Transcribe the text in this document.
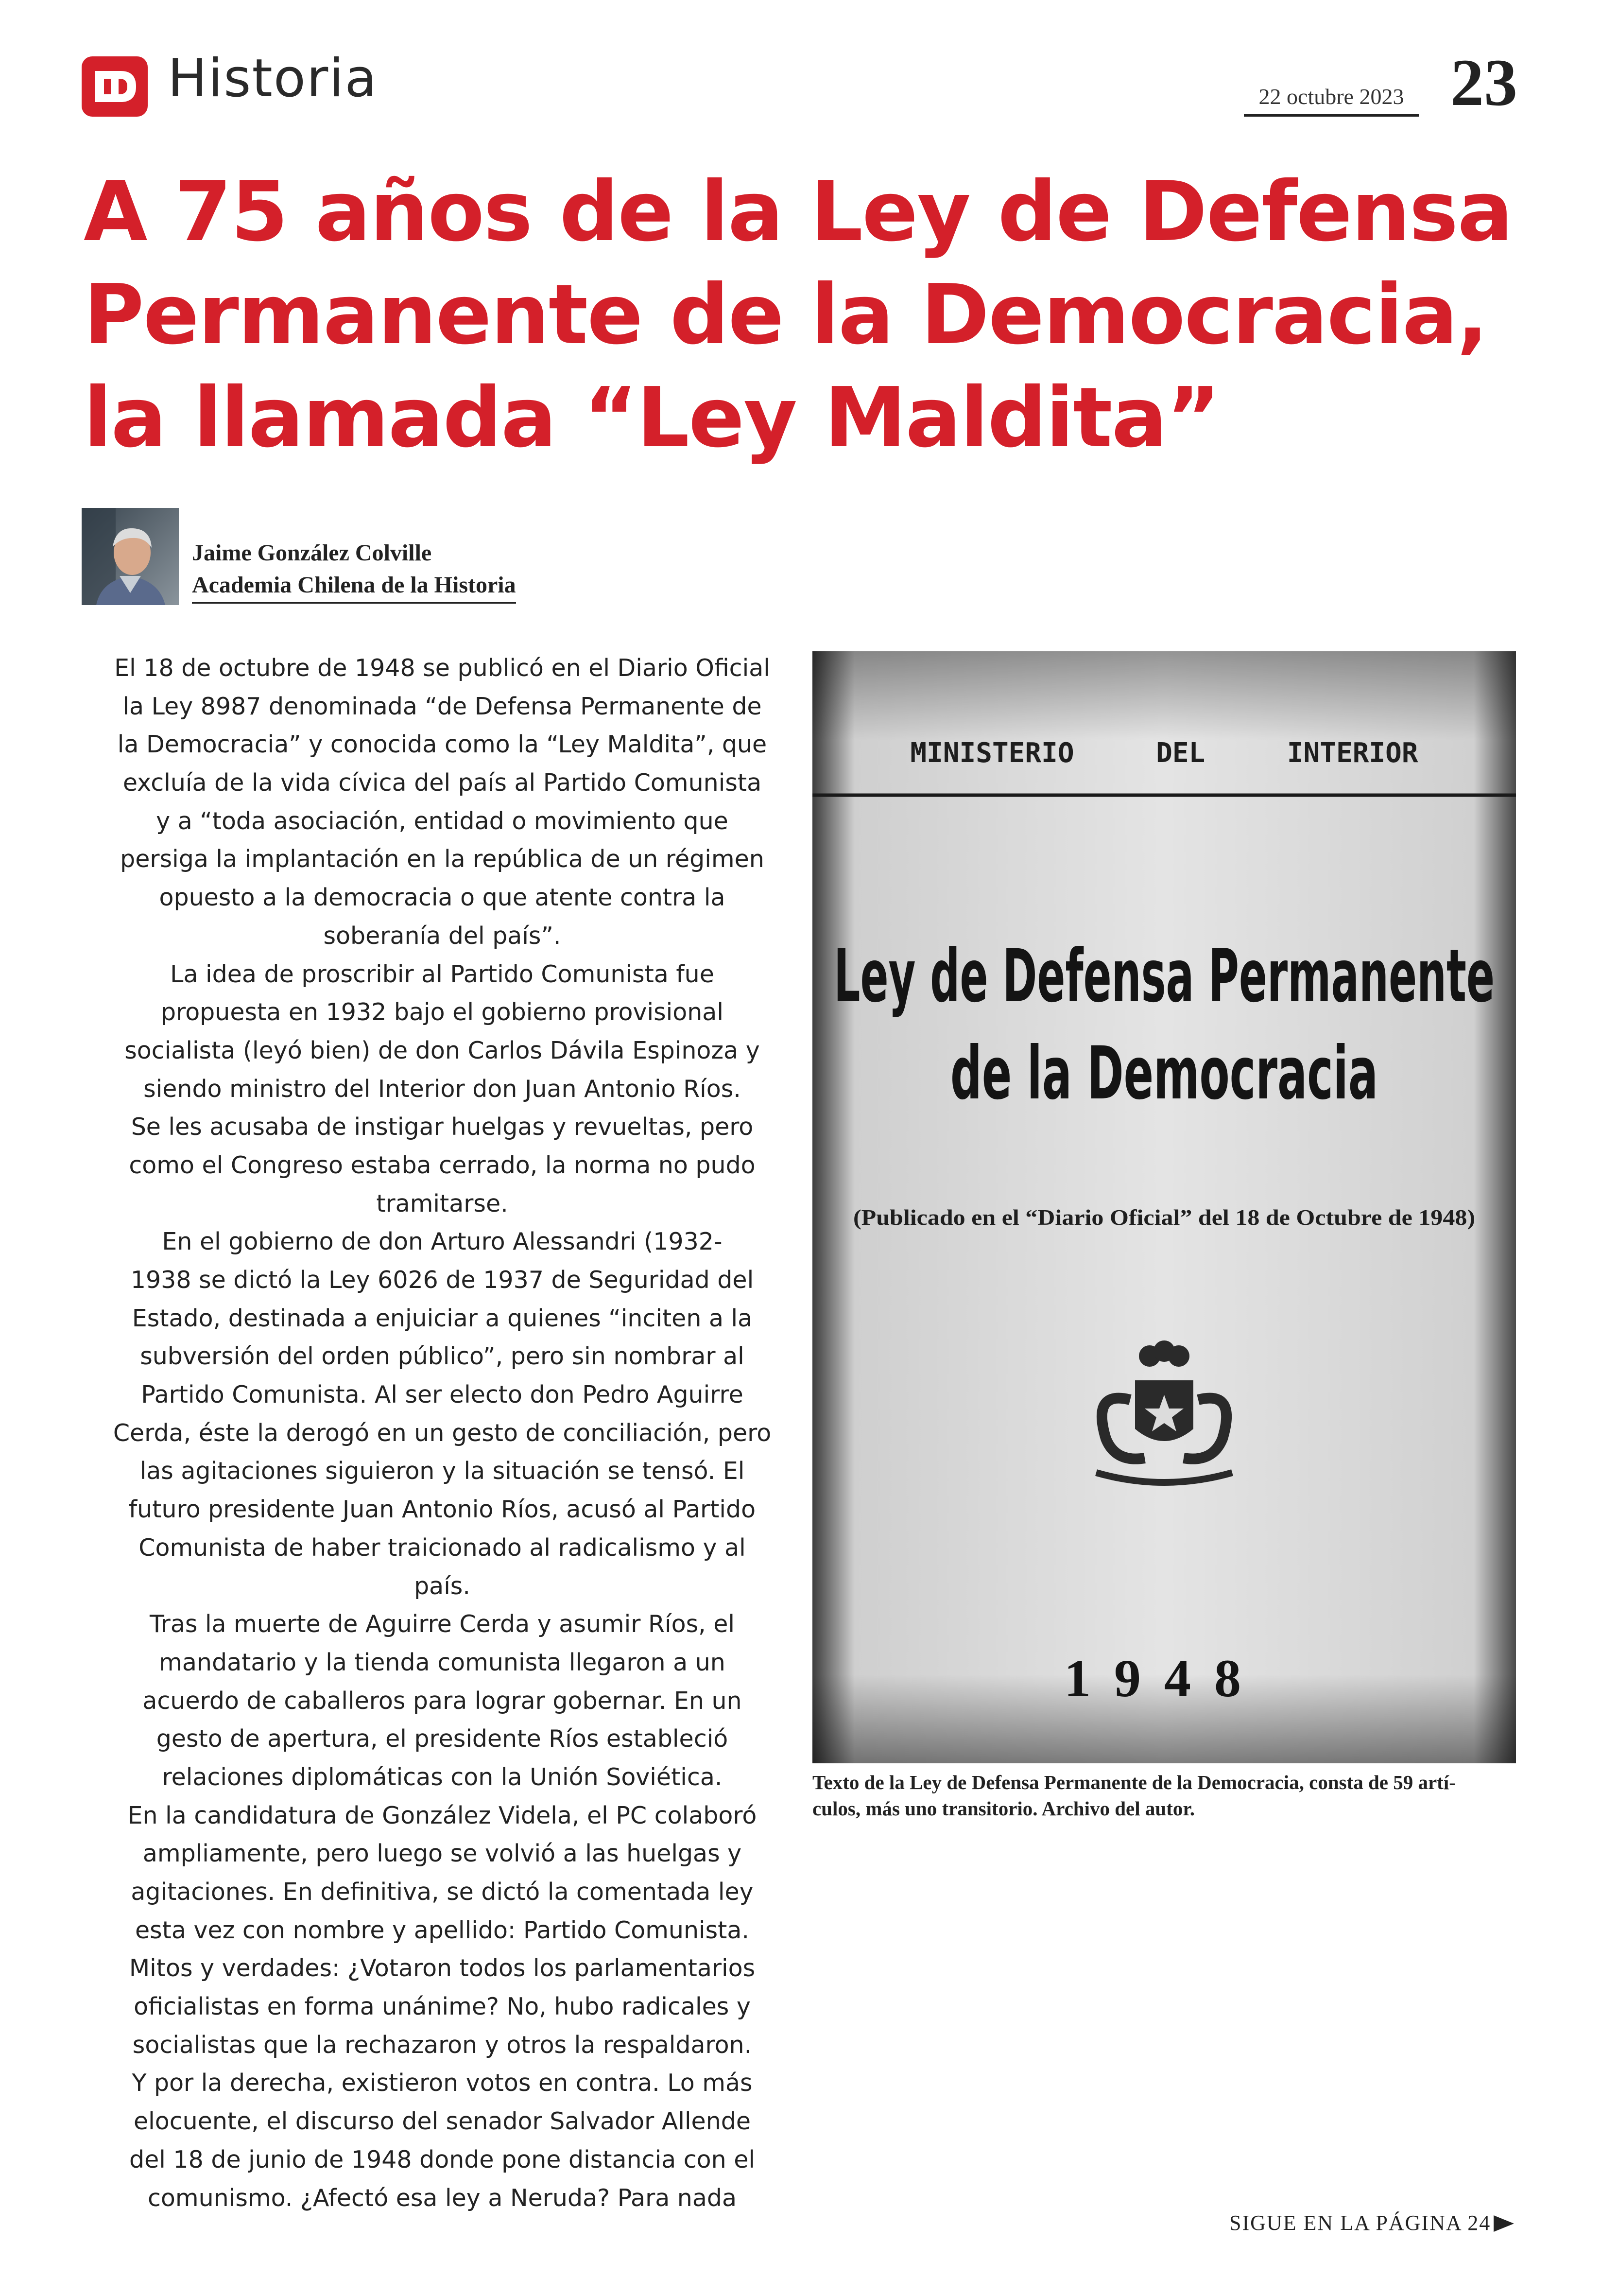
Historia	22 octubre 2023 23
A 75 años de la Ley de Defensa
Permanente de la Democracia,
la llamada “Ley Maldita”
Jaime González Colville
Academia Chilena de la Historia
El 18 de octubre de 1948 se publicó en el Diario Oficial
la Ley 8987 denominada “de Defensa Permanente de
la Democracia” y conocida como la “Ley Maldita”, que
excluía de la vida cívica del país al Partido Comunista
y a “toda asociación, entidad o movimiento que
persiga la implantación en la república de un régimen
opuesto a la democracia o que atente contra la
soberanía del país”.
La idea de proscribir al Partido Comunista fue
propuesta en 1932 bajo el gobierno provisional
socialista (leyó bien) de don Carlos Dávila Espinoza y
siendo ministro del Interior don Juan Antonio Ríos.
Se les acusaba de instigar huelgas y revueltas, pero
como el Congreso estaba cerrado, la norma no pudo
tramitarse.
En el gobierno de don Arturo Alessandri (1932-
1938 se dictó la Ley 6026 de 1937 de Seguridad del
Estado, destinada a enjuiciar a quienes “inciten a la
subversión del orden público”, pero sin nombrar al
Partido Comunista. Al ser electo don Pedro Aguirre
Cerda, éste la derogó en un gesto de conciliación, pero
las agitaciones siguieron y la situación se tensó. El
futuro presidente Juan Antonio Ríos, acusó al Partido
Comunista de haber traicionado al radicalismo y al
país.
Tras la muerte de Aguirre Cerda y asumir Ríos, el
mandatario y la tienda comunista llegaron a un
acuerdo de caballeros para lograr gobernar. En un
gesto de apertura, el presidente Ríos estableció
relaciones diplomáticas con la Unión Soviética.
En la candidatura de González Videla, el PC colaboró
ampliamente, pero luego se volvió a las huelgas y
agitaciones. En definitiva, se dictó la comentada ley
esta vez con nombre y apellido: Partido Comunista.
Mitos y verdades: ¿Votaron todos los parlamentarios
oficialistas en forma unánime? No, hubo radicales y
socialistas que la rechazaron y otros la respaldaron.
Y por la derecha, existieron votos en contra. Lo más
elocuente, el discurso del senador Salvador Allende
del 18 de junio de 1948 donde pone distancia con el
comunismo. ¿Afectó esa ley a Neruda? Para nada
MINISTERIO     DEL     INTERIOR
Ley de Defensa Permanente
de la Democracia
(Publicado en el “Diario Oficial” del 18 de Octubre de 1948)
1948
Texto de la Ley de Defensa Permanente de la Democracia, consta de 59 artí-
culos, más uno transitorio. Archivo del autor.
SIGUE EN LA PÁGINA 24
